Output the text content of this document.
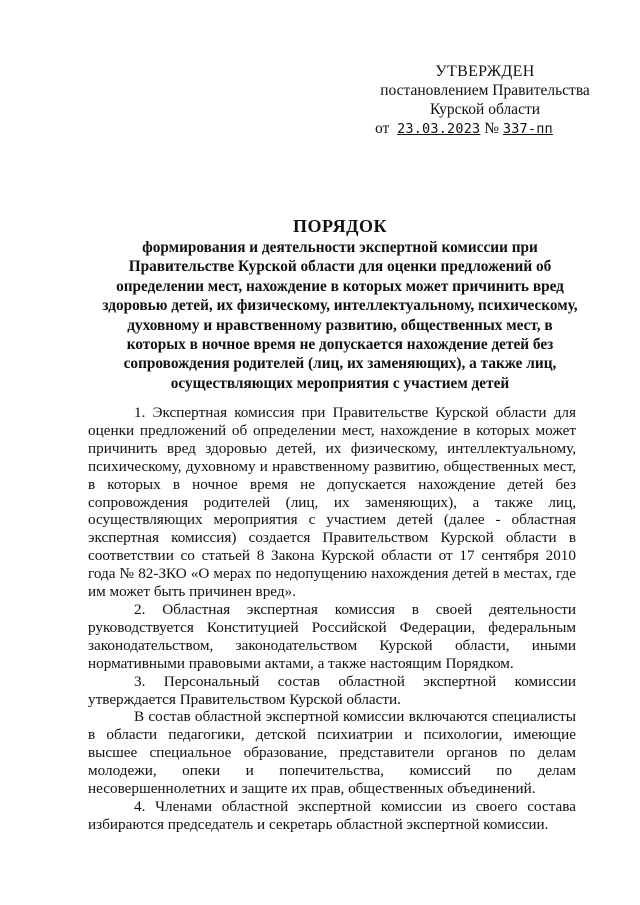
УТВЕРЖДЕН
постановлением Правительства
Курской области
от 23.03.2023 № 337-пп
ПОРЯДОК
формирования и деятельности экспертной комиссии при
Правительстве Курской области для оценки предложений об
определении мест, нахождение в которых может причинить вред
здоровью детей, их физическому, интеллектуальному, психическому,
духовному и нравственному развитию, общественных мест, в
которых в ночное время не допускается нахождение детей без
сопровождения родителей (лиц, их заменяющих), а также лиц,
осуществляющих мероприятия с участием детей

1. Экспертная комиссия при Правительстве Курской области для оценки предложений об определении мест, нахождение в которых может причинить вред здоровью детей, их физическому, интеллектуальному, психическому, духовному и нравственному развитию, общественных мест, в которых в ночное время не допускается нахождение детей без сопровождения родителей (лиц, их заменяющих), а также лиц, осуществляющих мероприятия с участием детей (далее - областная экспертная комиссия) создается Правительством Курской области в соответствии со статьей 8 Закона Курской области от 17 сентября 2010 года № 82-ЗКО «О мерах по недопущению нахождения детей в местах, где им может быть причинен вред».

2. Областная экспертная комиссия в своей деятельности руководствуется Конституцией Российской Федерации, федеральным законодательством, законодательством Курской области, иными нормативными правовыми актами, а также настоящим Порядком.

3. Персональный состав областной экспертной комиссии утверждается Правительством Курской области.

В состав областной экспертной комиссии включаются специалисты в области педагогики, детской психиатрии и психологии, имеющие высшее специальное образование, представители органов по делам молодежи, опеки и попечительства, комиссий по делам несовершеннолетних и защите их прав, общественных объединений.

4. Членами областной экспертной комиссии из своего состава избираются председатель и секретарь областной экспертной комиссии.
